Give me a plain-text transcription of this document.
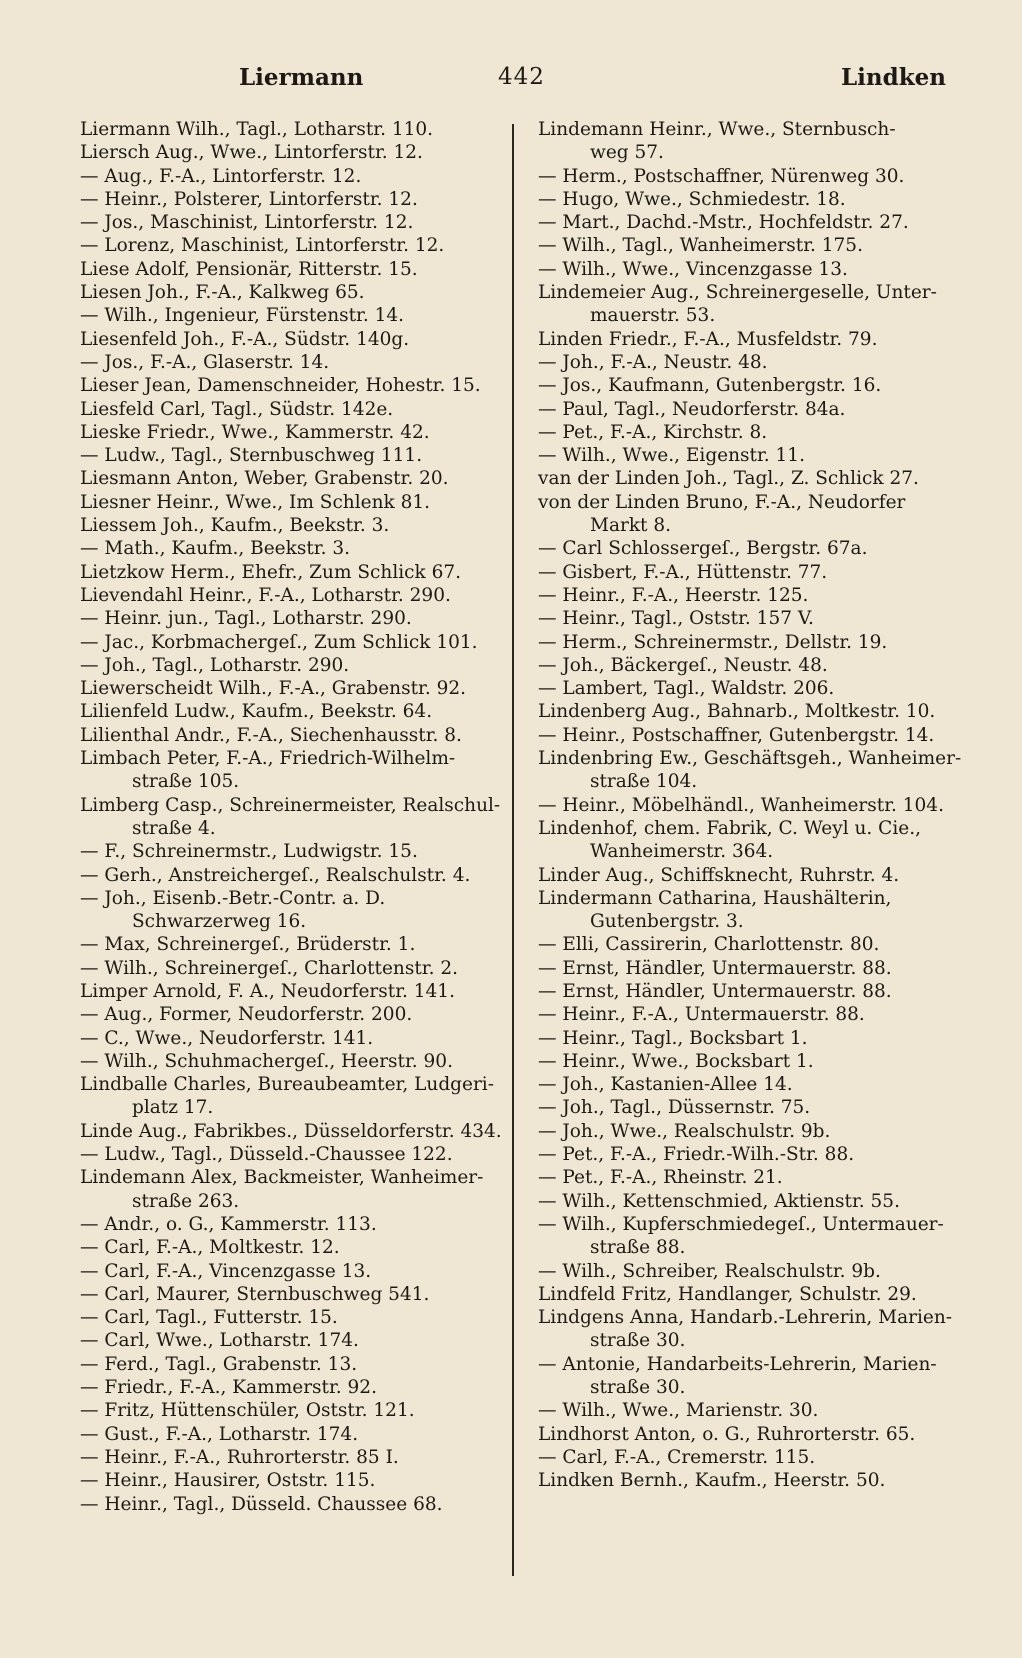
Liermann	442	Lindken

Liermann Wilh., Tagl., Lotharstr. 110.

Liersch Aug., Wwe., Lintorferstr. 12.

— Aug., F.-A., Lintorferstr. 12.

— Heinr., Polsterer, Lintorferstr. 12.

— Jos., Maschinist, Lintorferstr. 12.

— Lorenz, Maschinist, Lintorferstr. 12.

Liese Adolf, Pensionär, Ritterstr. 15.

Liesen Joh., F.-A., Kalkweg 65.

— Wilh., Ingenieur, Fürstenstr. 14.

Liesenfeld Joh., F.-A., Südstr. 140g.

— Jos., F.-A., Glaserstr. 14.

Lieser Jean, Damenschneider, Hohestr. 15.

Liesfeld Carl, Tagl., Südstr. 142e.

Lieske Friedr., Wwe., Kammerstr. 42.

— Ludw., Tagl., Sternbuschweg 111.

Liesmann Anton, Weber, Grabenstr. 20.

Liesner Heinr., Wwe., Im Schlenk 81.

Liessem Joh., Kaufm., Beekstr. 3.

— Math., Kaufm., Beekstr. 3.

Lietzkow Herm., Ehefr., Zum Schlick 67.

Lievendahl Heinr., F.-A., Lotharstr. 290.

— Heinr. jun., Tagl., Lotharstr. 290.

— Jac., Korbmachergeſ., Zum Schlick 101.

— Joh., Tagl., Lotharstr. 290.

Liewerscheidt Wilh., F.-A., Grabenstr. 92.

Lilienfeld Ludw., Kaufm., Beekstr. 64.

Lilienthal Andr., F.-A., Siechenhausstr. 8.

Limbach Peter, F.-A., Friedrich-Wilhelm-

straße 105.

Limberg Casp., Schreinermeister, Realschul-

straße 4.

— F., Schreinermstr., Ludwigstr. 15.

— Gerh., Anstreichergeſ., Realschulstr. 4.

— Joh., Eisenb.-Betr.-Contr. a. D.

Schwarzerweg 16.

— Max, Schreinergeſ., Brüderstr. 1.

— Wilh., Schreinergeſ., Charlottenstr. 2.

Limper Arnold, F. A., Neudorferstr. 141.

— Aug., Former, Neudorferstr. 200.

— C., Wwe., Neudorferstr. 141.

— Wilh., Schuhmachergeſ., Heerstr. 90.

Lindballe Charles, Bureaubeamter, Ludgeri-

platz 17.

Linde Aug., Fabrikbes., Düsseldorferstr. 434.

— Ludw., Tagl., Düsseld.-Chaussee 122.

Lindemann Alex, Backmeister, Wanheimer-

straße 263.

— Andr., o. G., Kammerstr. 113.

— Carl, F.-A., Moltkestr. 12.

— Carl, F.-A., Vincenzgasse 13.

— Carl, Maurer, Sternbuschweg 541.

— Carl, Tagl., Futterstr. 15.

— Carl, Wwe., Lotharstr. 174.

— Ferd., Tagl., Grabenstr. 13.

— Friedr., F.-A., Kammerstr. 92.

— Fritz, Hüttenschüler, Oststr. 121.

— Gust., F.-A., Lotharstr. 174.

— Heinr., F.-A., Ruhrorterstr. 85 I.

— Heinr., Hausirer, Oststr. 115.

— Heinr., Tagl., Düsseld. Chaussee 68.

Lindemann Heinr., Wwe., Sternbusch-

weg 57.

— Herm., Postschaffner, Nürenweg 30.

— Hugo, Wwe., Schmiedestr. 18.

— Mart., Dachd.-Mstr., Hochfeldstr. 27.

— Wilh., Tagl., Wanheimerstr. 175.

— Wilh., Wwe., Vincenzgasse 13.

Lindemeier Aug., Schreinergeselle, Unter-

mauerstr. 53.

Linden Friedr., F.-A., Musfeldstr. 79.

— Joh., F.-A., Neustr. 48.

— Jos., Kaufmann, Gutenbergstr. 16.

— Paul, Tagl., Neudorferstr. 84a.

— Pet., F.-A., Kirchstr. 8.

— Wilh., Wwe., Eigenstr. 11.

van der Linden Joh., Tagl., Z. Schlick 27.

von der Linden Bruno, F.-A., Neudorfer

Markt 8.

— Carl Schlossergeſ., Bergstr. 67a.

— Gisbert, F.-A., Hüttenstr. 77.

— Heinr., F.-A., Heerstr. 125.

— Heinr., Tagl., Oststr. 157 V.

— Herm., Schreinermstr., Dellstr. 19.

— Joh., Bäckergeſ., Neustr. 48.

— Lambert, Tagl., Waldstr. 206.

Lindenberg Aug., Bahnarb., Moltkestr. 10.

— Heinr., Postschaffner, Gutenbergstr. 14.

Lindenbring Ew., Geschäftsgeh., Wanheimer-

straße 104.

— Heinr., Möbelhändl., Wanheimerstr. 104.

Lindenhof, chem. Fabrik, C. Weyl u. Cie.,

Wanheimerstr. 364.

Linder Aug., Schiffsknecht, Ruhrstr. 4.

Lindermann Catharina, Haushälterin,

Gutenbergstr. 3.

— Elli, Cassirerin, Charlottenstr. 80.

— Ernst, Händler, Untermauerstr. 88.

— Ernst, Händler, Untermauerstr. 88.

— Heinr., F.-A., Untermauerstr. 88.

— Heinr., Tagl., Bocksbart 1.

— Heinr., Wwe., Bocksbart 1.

— Joh., Kastanien-Allee 14.

— Joh., Tagl., Düssernstr. 75.

— Joh., Wwe., Realschulstr. 9b.

— Pet., F.-A., Friedr.-Wilh.-Str. 88.

— Pet., F.-A., Rheinstr. 21.

— Wilh., Kettenschmied, Aktienstr. 55.

— Wilh., Kupferschmiedegeſ., Untermauer-

straße 88.

— Wilh., Schreiber, Realschulstr. 9b.

Lindfeld Fritz, Handlanger, Schulstr. 29.

Lindgens Anna, Handarb.-Lehrerin, Marien-

straße 30.

— Antonie, Handarbeits-Lehrerin, Marien-

straße 30.

— Wilh., Wwe., Marienstr. 30.

Lindhorst Anton, o. G., Ruhrorterstr. 65.

— Carl, F.-A., Cremerstr. 115.

Lindken Bernh., Kaufm., Heerstr. 50.
